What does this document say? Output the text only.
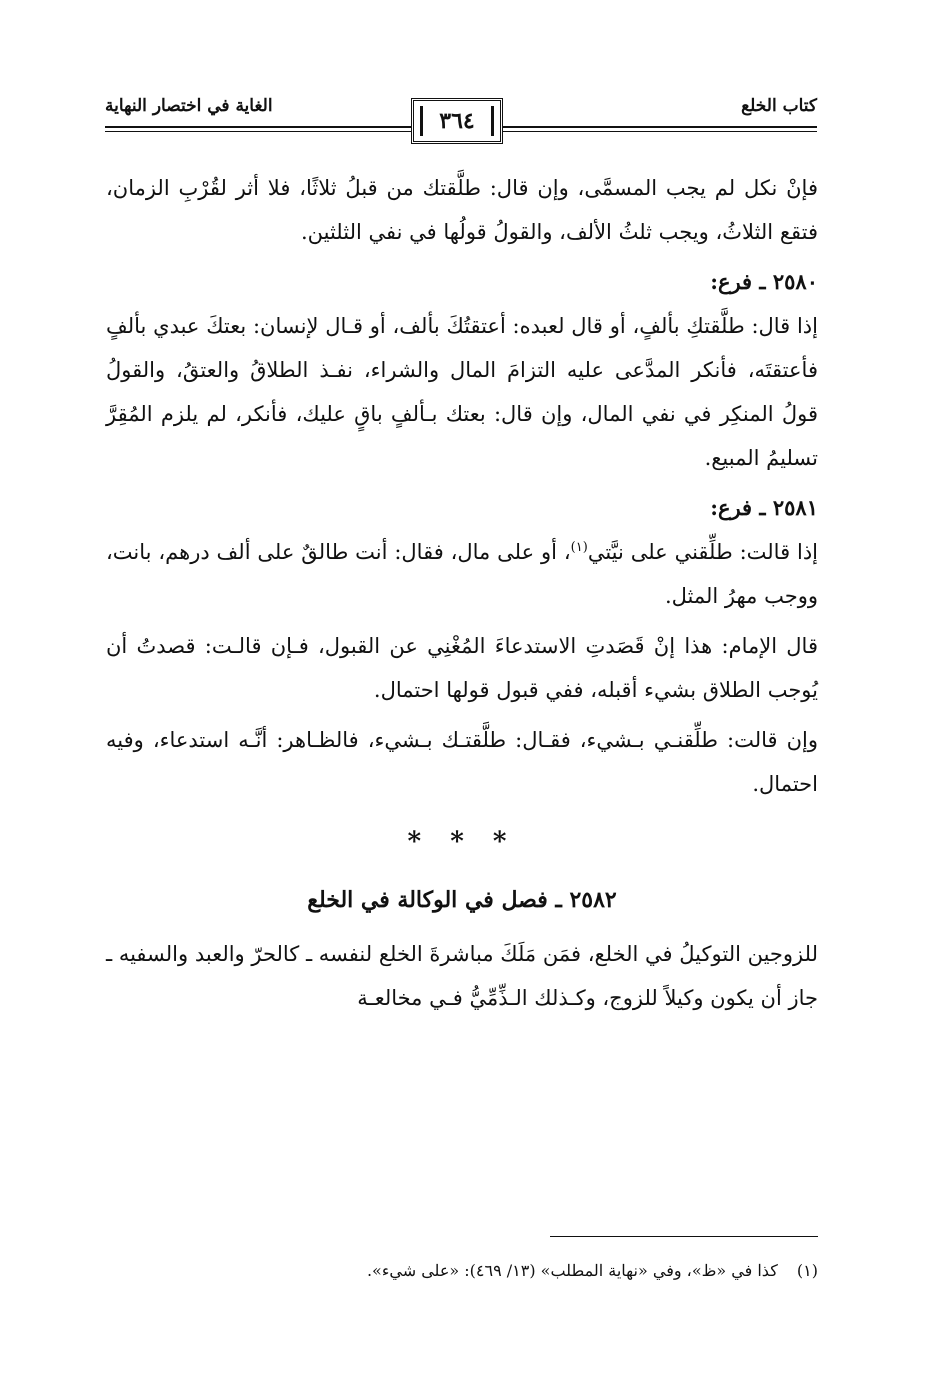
كتاب الخلع
الغاية في اختصار النهاية
٣٦٤

فإنْ نكل لم يجب المسمَّى، وإن قال: طلَّقتك من قبلُ ثلاثًا، فلا أثر لقُرْبِ الزمان، فتقع الثلاثُ، ويجب ثلثُ الألف، والقولُ قولُها في نفي الثلثين.

٢٥٨٠ ـ فرع:

إذا قال: طلَّقتكِ بألفٍ، أو قال لعبده: أعتقتُكَ بألف، أو قـال لإنسان: بعتكَ عبدي بألفٍ فأعتقتَه، فأنكر المدَّعى عليه التزامَ المال والشراء، نفـذ الطلاقُ والعتقُ، والقولُ قولُ المنكِر في نفي المال، وإن قال: بعتك بـألفٍ باقٍ عليك، فأنكر، لم يلزم المُقِرَّ تسليمُ المبيع.

٢٥٨١ ـ فرع:

إذا قالت: طلِّقني على نيَّتي$^{(١)}$، أو على مال، فقال: أنت طالقٌ على ألف درهم، بانت، ووجب مهرُ المثل.

قال الإمام: هذا إنْ قَصَدتِ الاستدعاءَ المُغْنِي عن القبول، فـإن قالـت: قصدتُ أن يُوجب الطلاق بشيء أقبله، ففي قبول قولها احتمال.

وإن قالت: طلِّقنـي بـشيء، فقـال: طلَّقتـك بـشيء، فالظـاهر: أنَّـه استدعاء، وفيه احتمال.

* * *
٢٥٨٢ ـ فصل في الوكالة في الخلع

للزوجين التوكيلُ في الخلع، فمَن مَلَكَ مباشرةَ الخلع لنفسه ـ كالحرّ والعبد والسفيه ـ جاز أن يكون وكيلاً للزوج، وكـذلك الـذِّمِّيُّ فـي مخالعـة

(١) كذا في «ظ»، وفي «نهاية المطلب» (١٣/ ٤٦٩): «على شيء».
